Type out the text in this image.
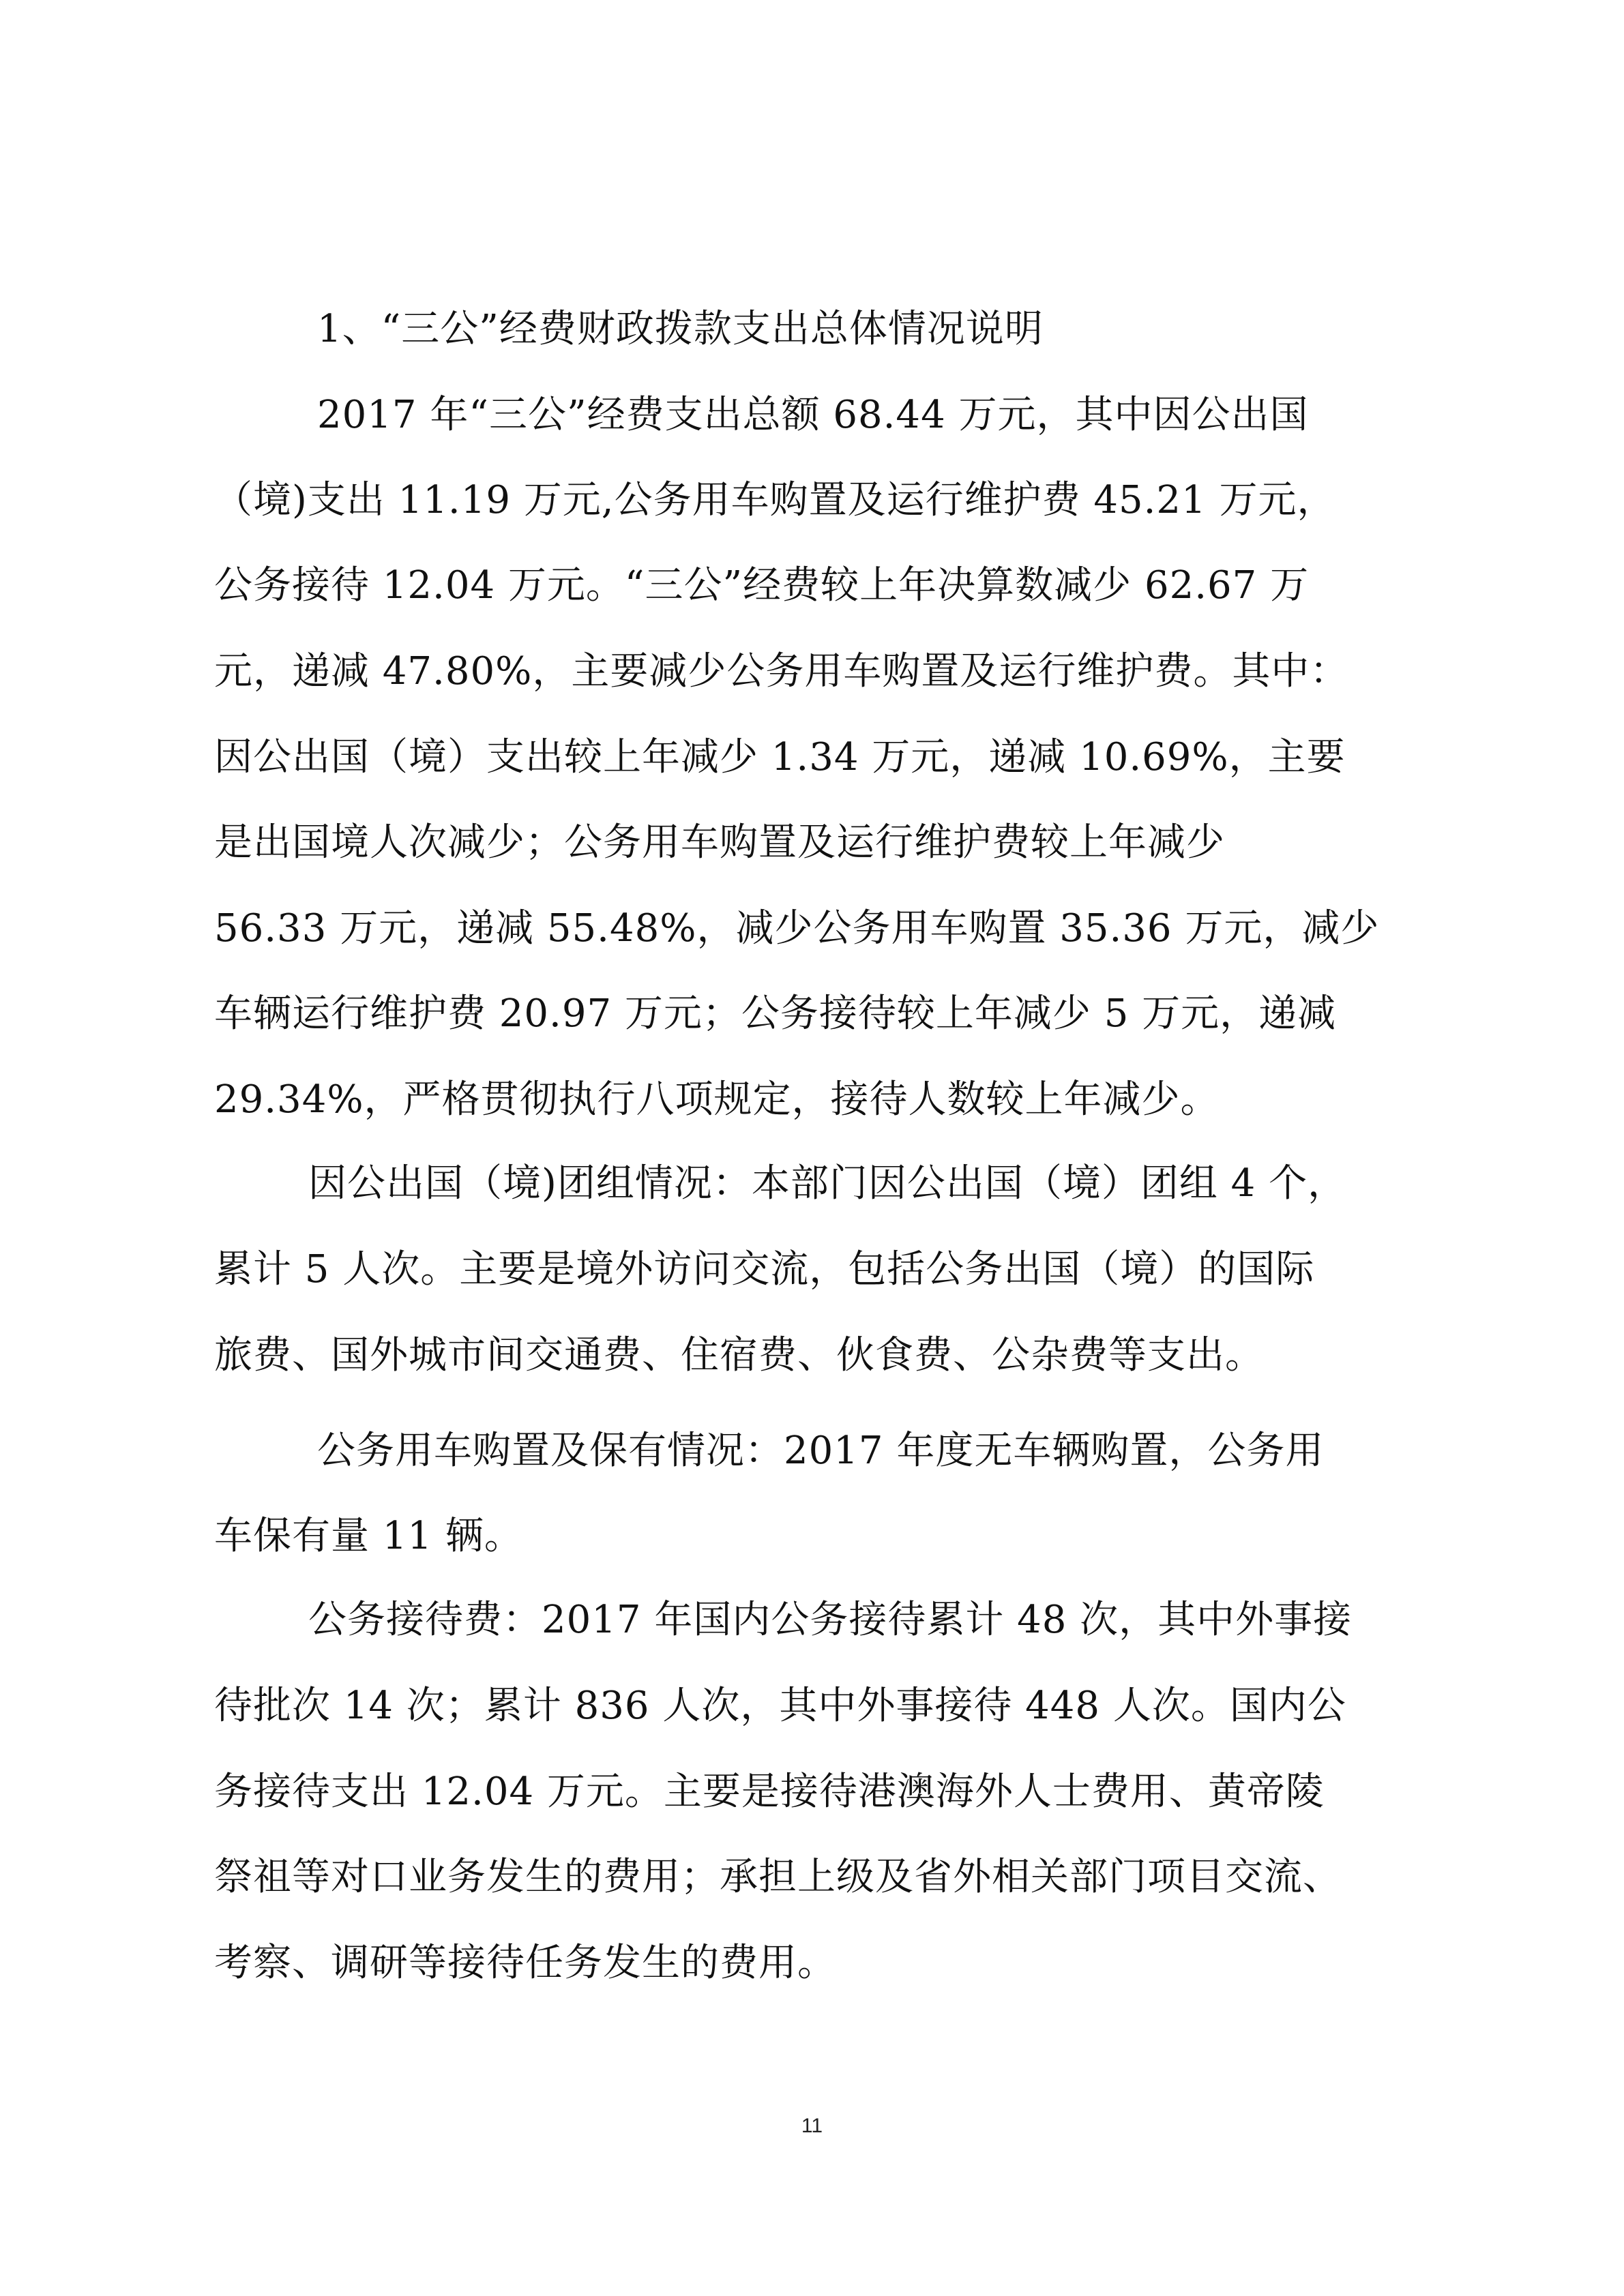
1、“三公”经费财政拨款支出总体情况说明
2017 年“三公”经费支出总额 68.44 万元，其中因公出国
（境)支出 11.19 万元,公务用车购置及运行维护费 45.21 万元，
公务接待 12.04 万元。“三公”经费较上年决算数减少 62.67 万
元，递减 47.80%，主要减少公务用车购置及运行维护费。其中：
因公出国（境）支出较上年减少 1.34 万元，递减 10.69%，主要
是出国境人次减少；公务用车购置及运行维护费较上年减少
56.33 万元，递减 55.48%，减少公务用车购置 35.36 万元，减少
车辆运行维护费 20.97 万元；公务接待较上年减少 5 万元，递减
29.34%，严格贯彻执行八项规定，接待人数较上年减少。
因公出国（境)团组情况：本部门因公出国（境）团组 4 个，
累计 5 人次。主要是境外访问交流，包括公务出国（境）的国际
旅费、国外城市间交通费、住宿费、伙食费、公杂费等支出。
公务用车购置及保有情况：2017 年度无车辆购置，公务用
车保有量 11 辆。
公务接待费：2017 年国内公务接待累计 48 次，其中外事接
待批次 14 次；累计 836 人次，其中外事接待 448 人次。国内公
务接待支出 12.04 万元。主要是接待港澳海外人士费用、黄帝陵
祭祖等对口业务发生的费用；承担上级及省外相关部门项目交流、
考察、调研等接待任务发生的费用。
11
